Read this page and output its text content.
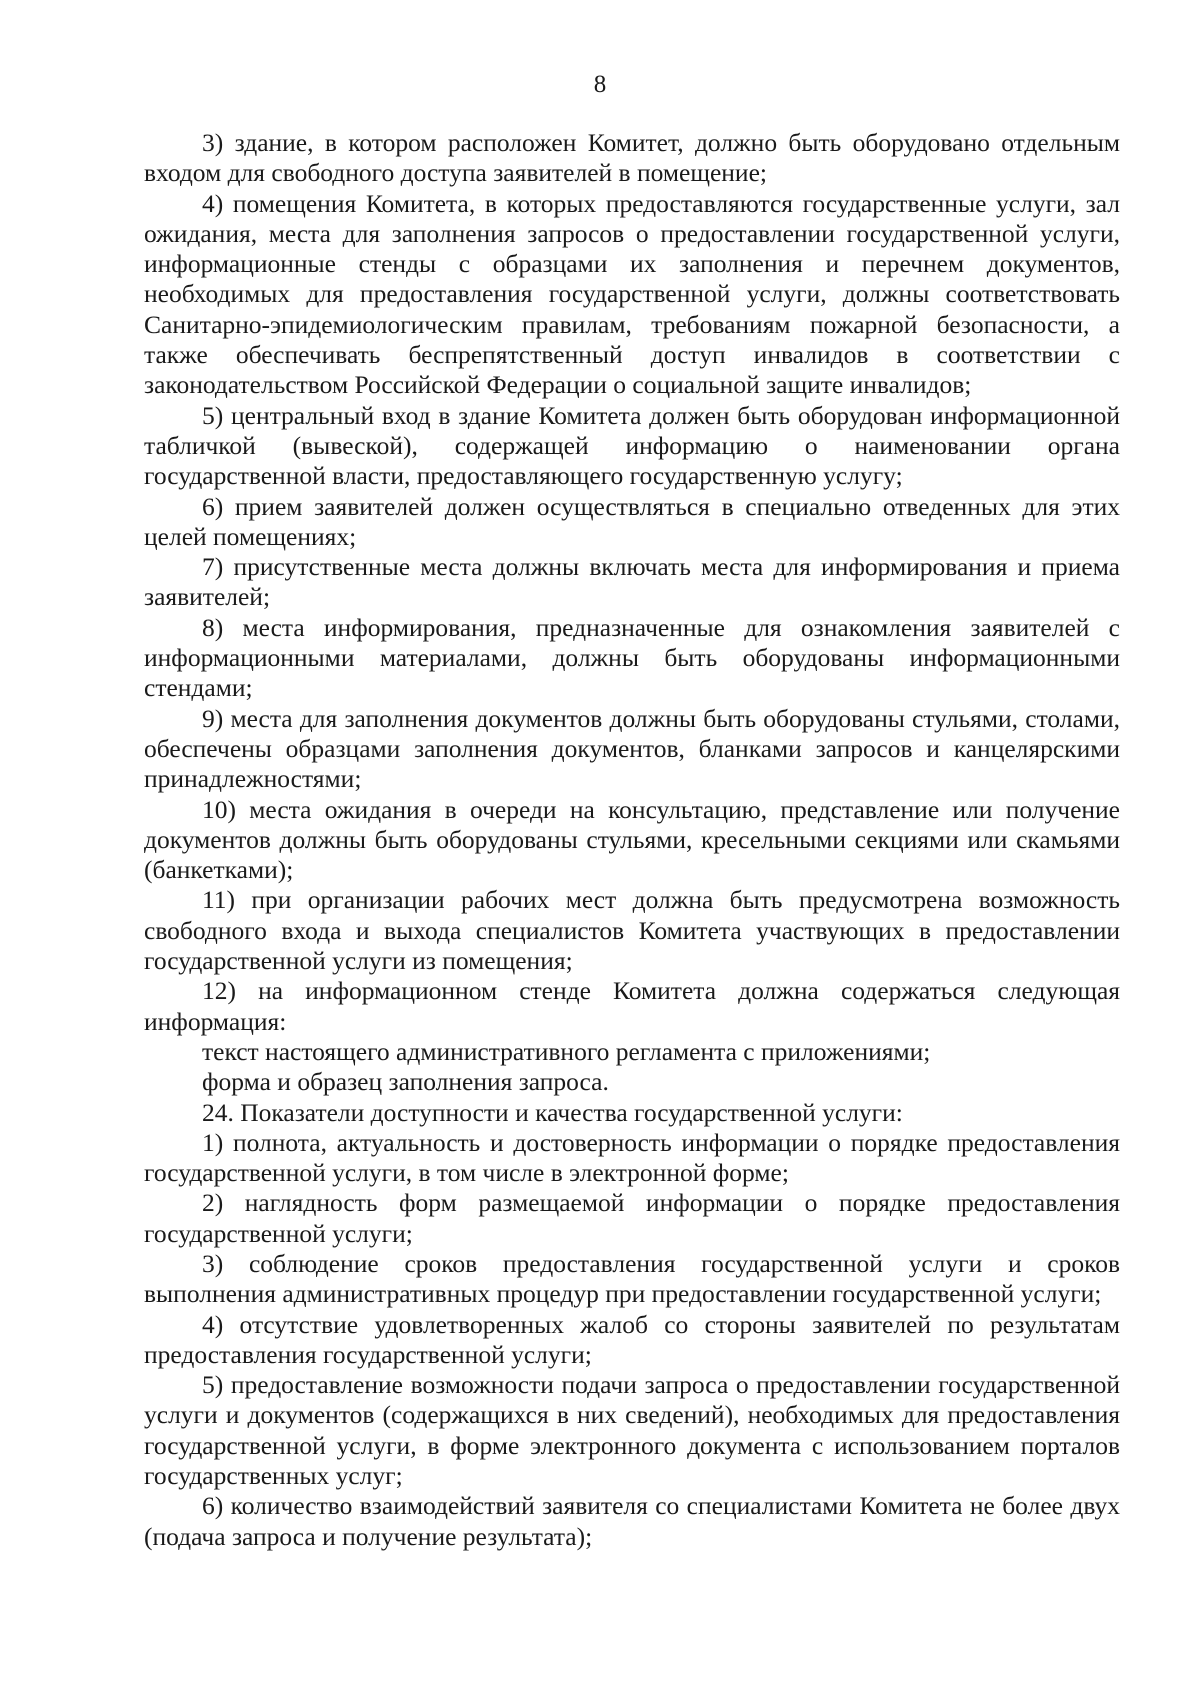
8

3) здание, в котором расположен Комитет, должно быть оборудовано отдельным входом для свободного доступа заявителей в помещение;

4) помещения Комитета, в которых предоставляются государственные услуги, зал ожидания, места для заполнения запросов о предоставлении государственной услуги, информационные стенды с образцами их заполнения и перечнем документов, необходимых для предоставления государственной услуги, должны соответствовать Санитарно-эпидемиологическим правилам, требованиям пожарной безопасности, а также обеспечивать беспрепятственный доступ инвалидов в соответствии с законодательством Российской Федерации о социальной защите инвалидов;

5) центральный вход в здание Комитета должен быть оборудован информационной табличкой (вывеской), содержащей информацию о наименовании органа государственной власти, предоставляющего государственную услугу;

6) прием заявителей должен осуществляться в специально отведенных для этих целей помещениях;

7) присутственные места должны включать места для информирования и приема заявителей;

8) места информирования, предназначенные для ознакомления заявителей с информационными материалами, должны быть оборудованы информационными стендами;

9) места для заполнения документов должны быть оборудованы стульями, столами, обеспечены образцами заполнения документов, бланками запросов и канцелярскими принадлежностями;

10) места ожидания в очереди на консультацию, представление или получение документов должны быть оборудованы стульями, кресельными секциями или скамьями (банкетками);

11) при организации рабочих мест должна быть предусмотрена возможность свободного входа и выхода специалистов Комитета участвующих в предоставлении государственной услуги из помещения;

12) на информационном стенде Комитета должна содержаться следующая информация:

текст настоящего административного регламента с приложениями;

форма и образец заполнения запроса.

24. Показатели доступности и качества государственной услуги:

1) полнота, актуальность и достоверность информации о порядке предоставления государственной услуги, в том числе в электронной форме;

2) наглядность форм размещаемой информации о порядке предоставления государственной услуги;

3) соблюдение сроков предоставления государственной услуги и сроков выполнения административных процедур при предоставлении государственной услуги;

4) отсутствие удовлетворенных жалоб со стороны заявителей по результатам предоставления государственной услуги;

5) предоставление возможности подачи запроса о предоставлении государственной услуги и документов (содержащихся в них сведений), необходимых для предоставления государственной услуги, в форме электронного документа с использованием порталов государственных услуг;

6) количество взаимодействий заявителя со специалистами Комитета не более двух (подача запроса и получение результата);
